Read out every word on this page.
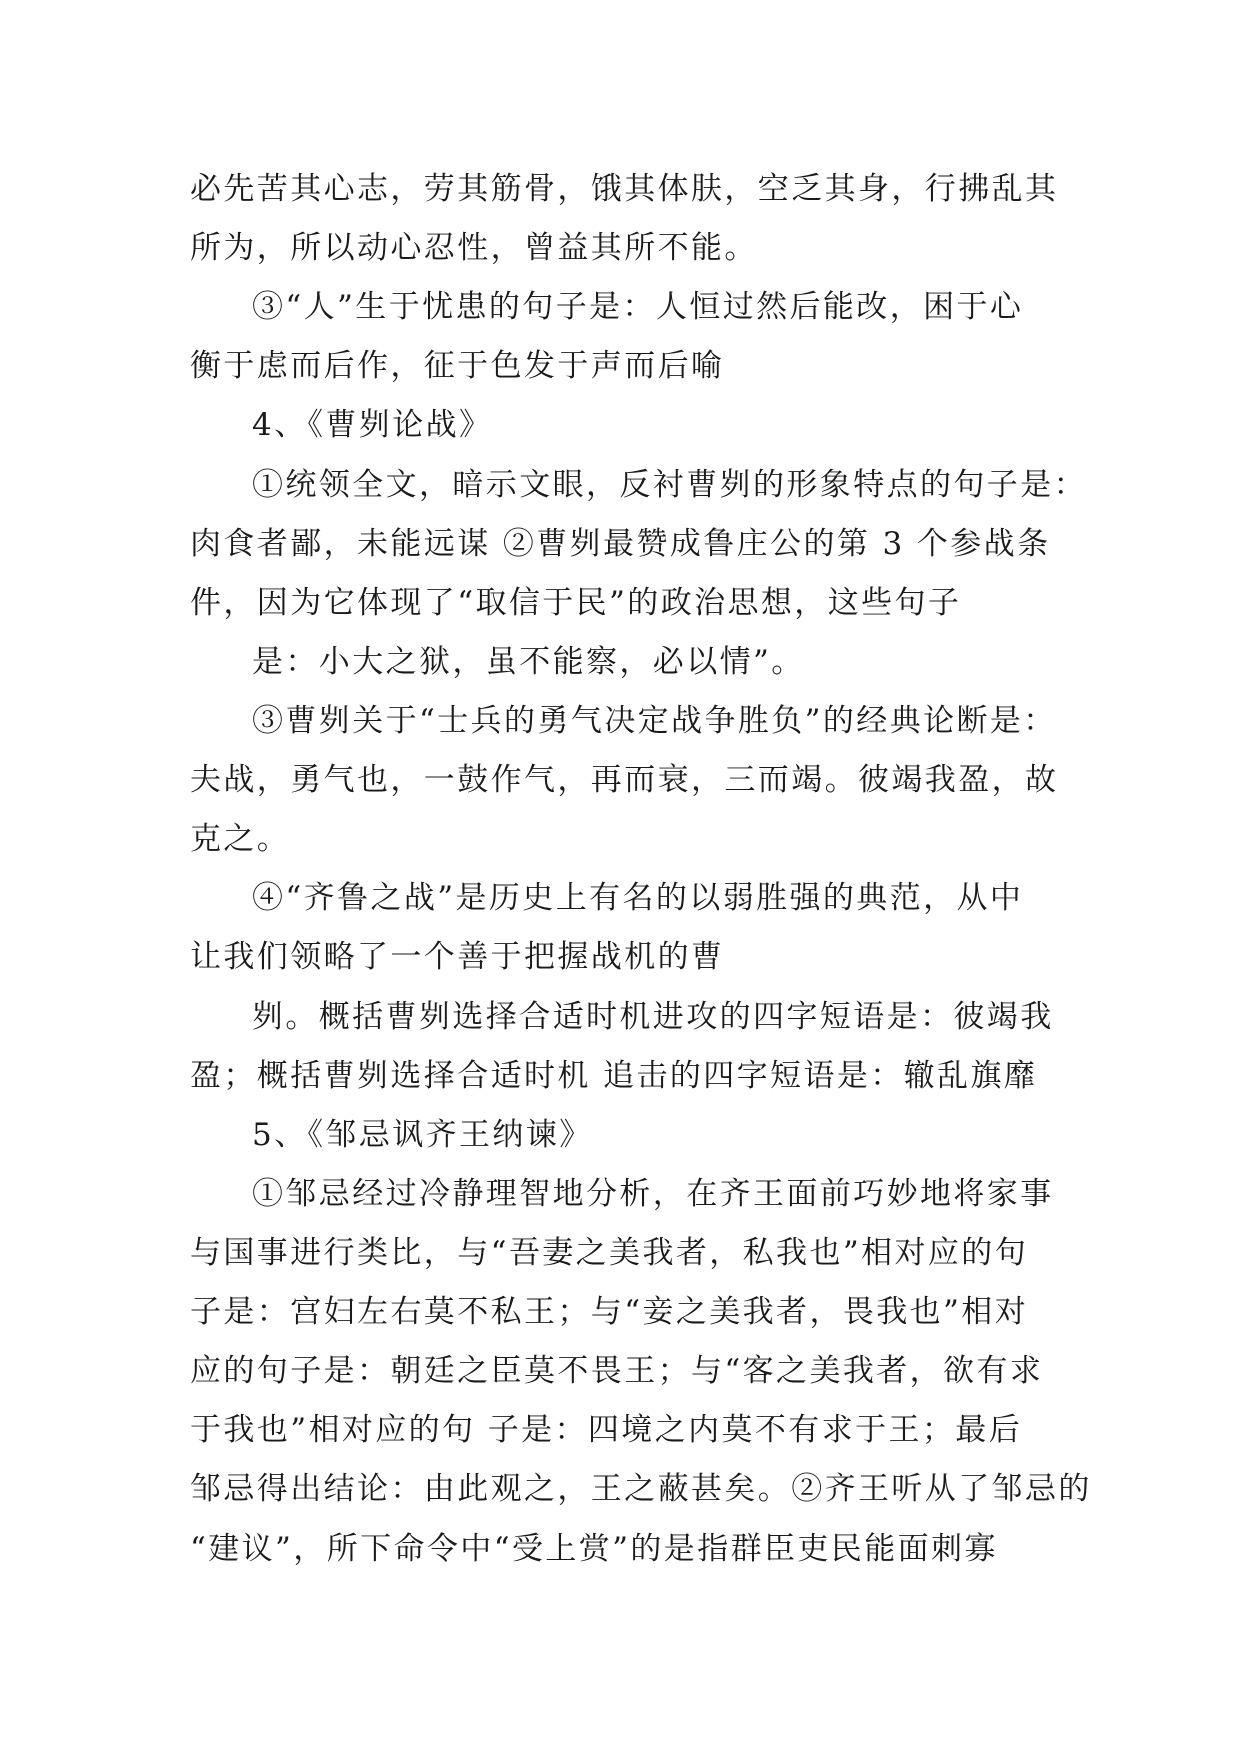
必先苦其心志，劳其筋骨，饿其体肤，空乏其身，行拂乱其
所为，所以动心忍性，曾益其所不能。
③“人”生于忧患的句子是：人恒过然后能改，困于心
衡于虑而后作，征于色发于声而后喻
4、《曹刿论战》
①统领全文，暗示文眼，反衬曹刿的形象特点的句子是：
肉食者鄙，未能远谋 ②曹刿最赞成鲁庄公的第 3 个参战条
件，因为它体现了“取信于民”的政治思想，这些句子
是：小大之狱，虽不能察，必以情”。
③曹刿关于“士兵的勇气决定战争胜负”的经典论断是：
夫战，勇气也，一鼓作气，再而衰，三而竭。彼竭我盈，故
克之。
④“齐鲁之战”是历史上有名的以弱胜强的典范，从中
让我们领略了一个善于把握战机的曹
刿。概括曹刿选择合适时机进攻的四字短语是：彼竭我
盈；概括曹刿选择合适时机 追击的四字短语是：辙乱旗靡
5、《邹忌讽齐王纳谏》
①邹忌经过冷静理智地分析，在齐王面前巧妙地将家事
与国事进行类比，与“吾妻之美我者，私我也”相对应的句
子是：宫妇左右莫不私王；与“妾之美我者，畏我也”相对
应的句子是：朝廷之臣莫不畏王；与“客之美我者，欲有求
于我也”相对应的句 子是：四境之内莫不有求于王；最后
邹忌得出结论：由此观之，王之蔽甚矣。②齐王听从了邹忌的
“建议”，所下命令中“受上赏”的是指群臣吏民能面刺寡
